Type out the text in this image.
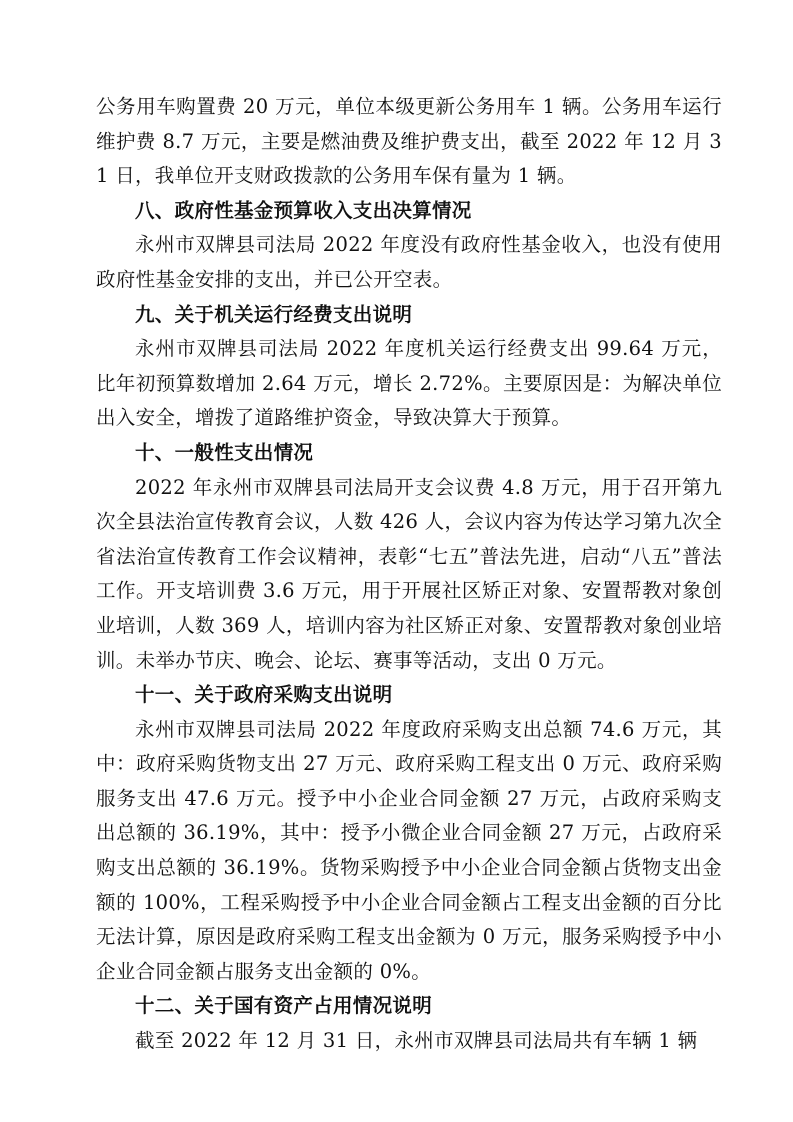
公务用车购置费 20 万元，单位本级更新公务用车 1 辆。公务用车运行维护费 8.7 万元，主要是燃油费及维护费支出，截至 2022 年 12 月 31 日，我单位开支财政拨款的公务用车保有量为 1 辆。

八、政府性基金预算收入支出决算情况

永州市双牌县司法局 2022 年度没有政府性基金收入，也没有使用政府性基金安排的支出，并已公开空表。

九、关于机关运行经费支出说明

永州市双牌县司法局 2022 年度机关运行经费支出 99.64 万元，比年初预算数增加 2.64 万元，增长 2.72%。主要原因是：为解决单位出入安全，增拨了道路维护资金，导致决算大于预算。

十、一般性支出情况

2022 年永州市双牌县司法局开支会议费 4.8 万元，用于召开第九次全县法治宣传教育会议，人数 426 人，会议内容为传达学习第九次全省法治宣传教育工作会议精神，表彰“七五”普法先进，启动“八五”普法工作。开支培训费 3.6 万元，用于开展社区矫正对象、安置帮教对象创业培训，人数 369 人，培训内容为社区矫正对象、安置帮教对象创业培训。未举办节庆、晚会、论坛、赛事等活动，支出 0 万元。

十一、关于政府采购支出说明

永州市双牌县司法局 2022 年度政府采购支出总额 74.6 万元，其中：政府采购货物支出 27 万元、政府采购工程支出 0 万元、政府采购服务支出 47.6 万元。授予中小企业合同金额 27 万元，占政府采购支出总额的 36.19%，其中：授予小微企业合同金额 27 万元，占政府采购支出总额的 36.19%。货物采购授予中小企业合同金额占货物支出金额的 100%，工程采购授予中小企业合同金额占工程支出金额的百分比无法计算，原因是政府采购工程支出金额为 0 万元，服务采购授予中小企业合同金额占服务支出金额的 0%。

十二、关于国有资产占用情况说明

截至 2022 年 12 月 31 日，永州市双牌县司法局共有车辆 1 辆
